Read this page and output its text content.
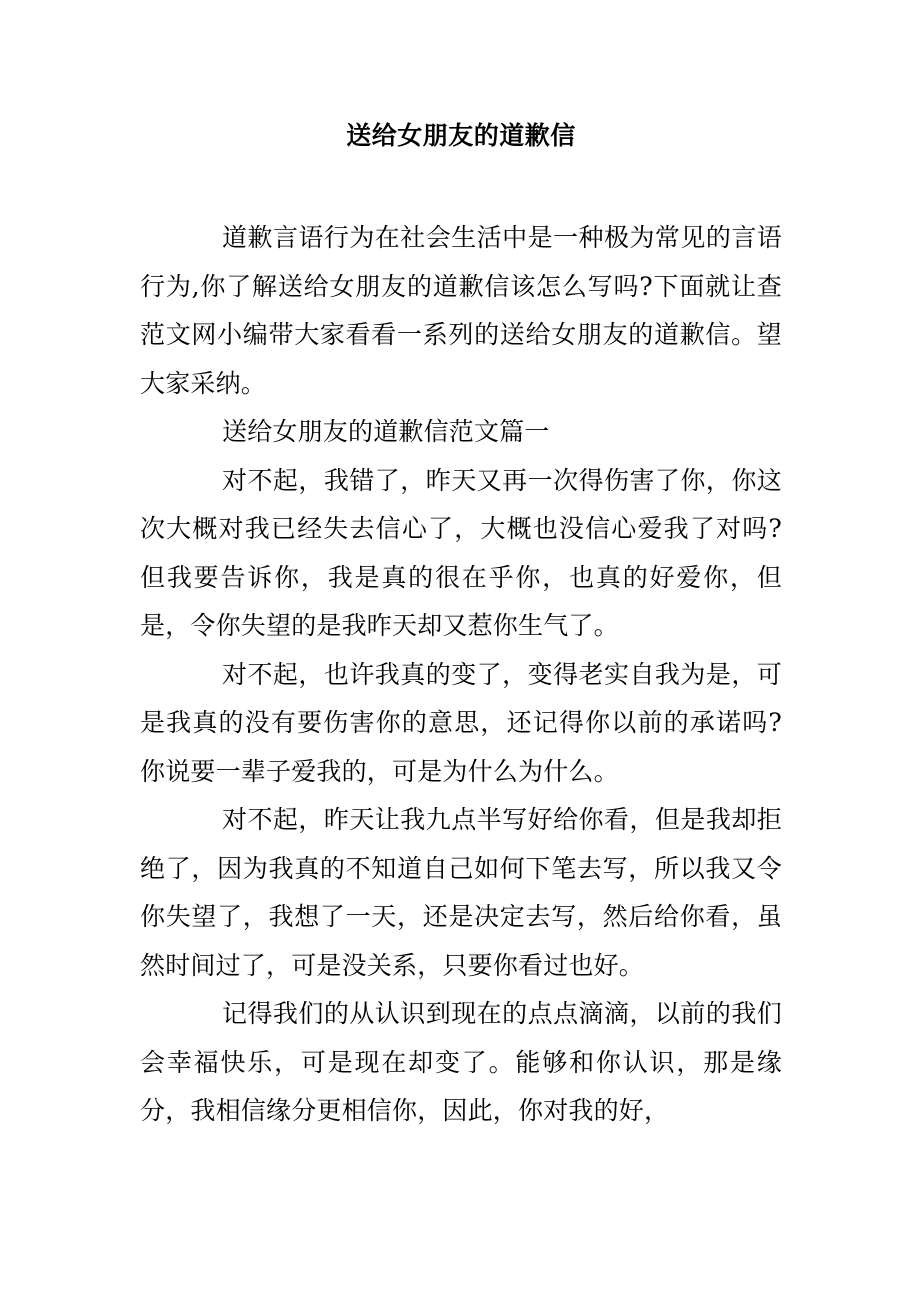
送给女朋友的道歉信

道歉言语行为在社会生活中是一种极为常见的言语行为,你了解送给女朋友的道歉信该怎么写吗?下面就让查范文网小编带大家看看一系列的送给女朋友的道歉信。望大家采纳。

送给女朋友的道歉信范文篇一

对不起，我错了，昨天又再一次得伤害了你，你这次大概对我已经失去信心了，大概也没信心爱我了对吗?但我要告诉你，我是真的很在乎你，也真的好爱你，但是，令你失望的是我昨天却又惹你生气了。

对不起，也许我真的变了，变得老实自我为是，可是我真的没有要伤害你的意思，还记得你以前的承诺吗?你说要一辈子爱我的，可是为什么为什么。

对不起，昨天让我九点半写好给你看，但是我却拒绝了，因为我真的不知道自己如何下笔去写，所以我又令你失望了，我想了一天，还是决定去写，然后给你看，虽然时间过了，可是没关系，只要你看过也好。

记得我们的从认识到现在的点点滴滴，以前的我们会幸福快乐，可是现在却变了。能够和你认识，那是缘分，我相信缘分更相信你，因此，你对我的好，
